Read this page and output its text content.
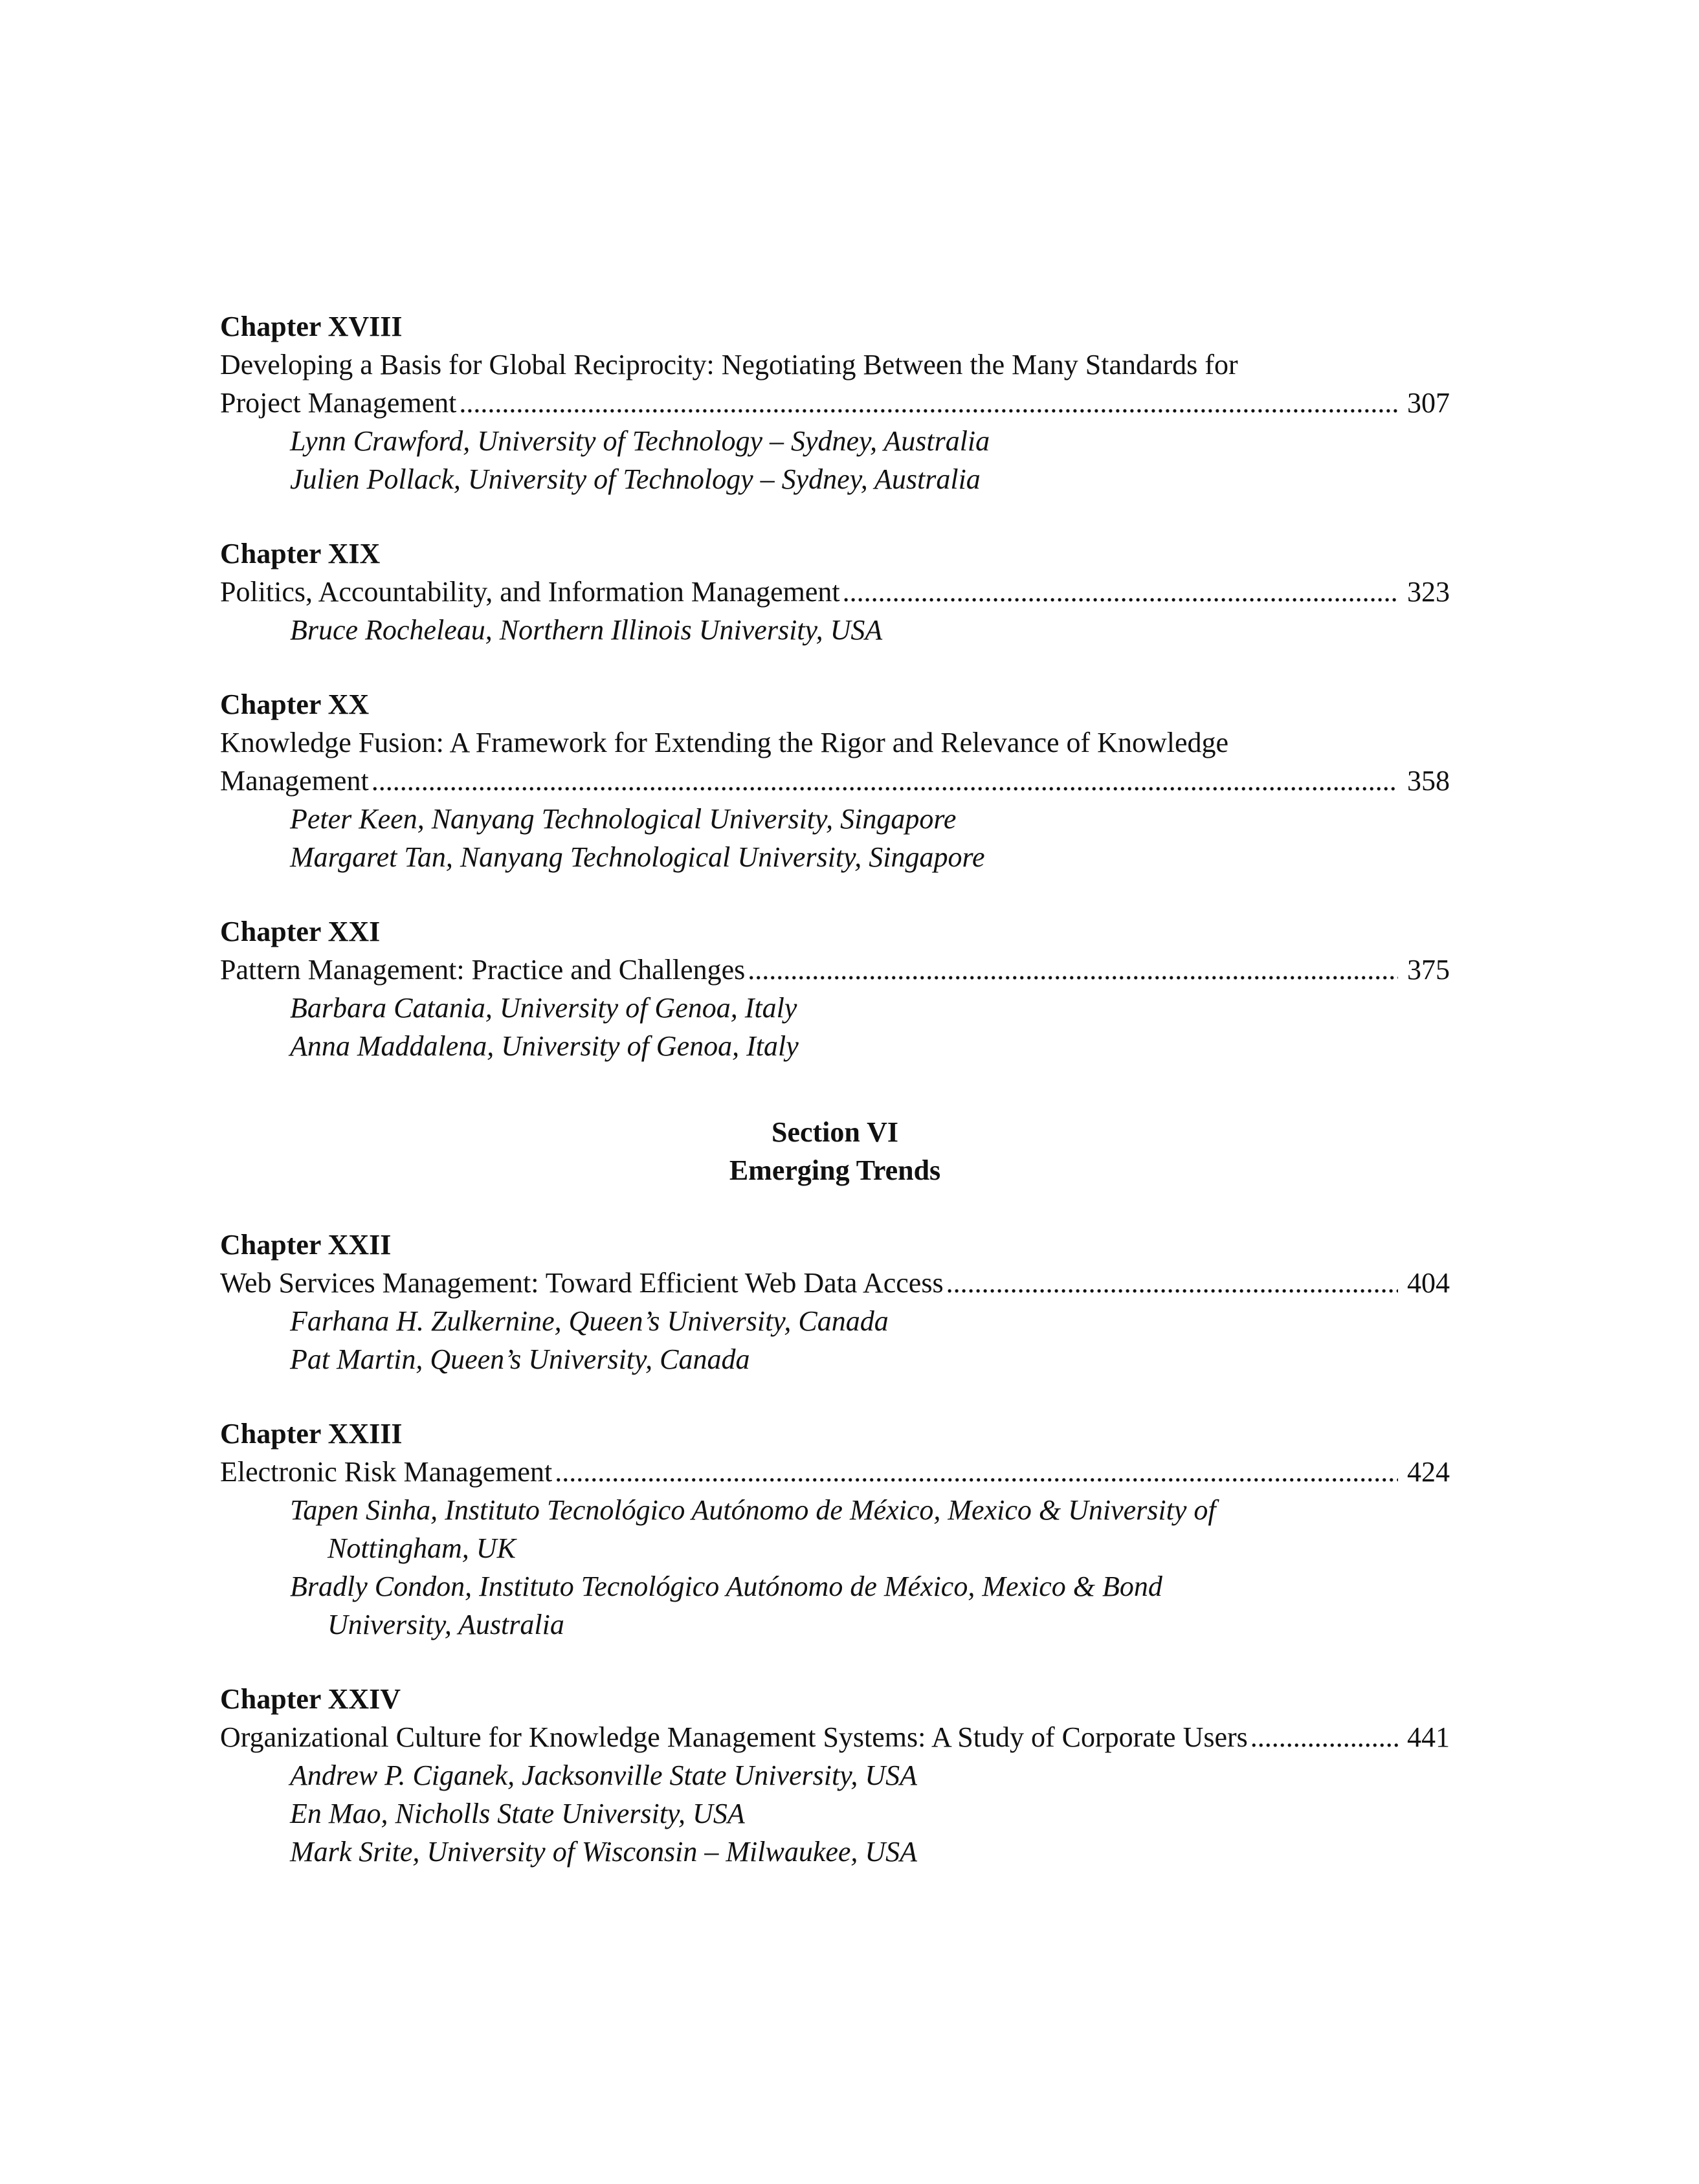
Chapter XVIII
Developing a Basis for Global Reciprocity: Negotiating Between the Many Standards for
Project Management .....	307
Lynn Crawford, University of Technology – Sydney, Australia
Julien Pollack, University of Technology – Sydney, Australia
Chapter XIX
Politics, Accountability, and Information Management .....	323
Bruce Rocheleau, Northern Illinois University, USA
Chapter XX
Knowledge Fusion: A Framework for Extending the Rigor and Relevance of Knowledge
Management .....	358
Peter Keen, Nanyang Technological University, Singapore
Margaret Tan, Nanyang Technological University, Singapore
Chapter XXI
Pattern Management: Practice and Challenges .....	375
Barbara Catania, University of Genoa, Italy
Anna Maddalena, University of Genoa, Italy
Section VI
Emerging Trends
Chapter XXII
Web Services Management: Toward Efficient Web Data Access .....	404
Farhana H. Zulkernine, Queen’s University, Canada
Pat Martin, Queen’s University, Canada
Chapter XXIII
Electronic Risk Management .....	424
Tapen Sinha, Instituto Tecnológico Autónomo de México, Mexico & University of
Nottingham, UK
Bradly Condon, Instituto Tecnológico Autónomo de México, Mexico & Bond
University, Australia
Chapter XXIV
Organizational Culture for Knowledge Management Systems: A Study of Corporate Users .....	441
Andrew P. Ciganek, Jacksonville State University, USA
En Mao, Nicholls State University, USA
Mark Srite, University of Wisconsin – Milwaukee, USA
